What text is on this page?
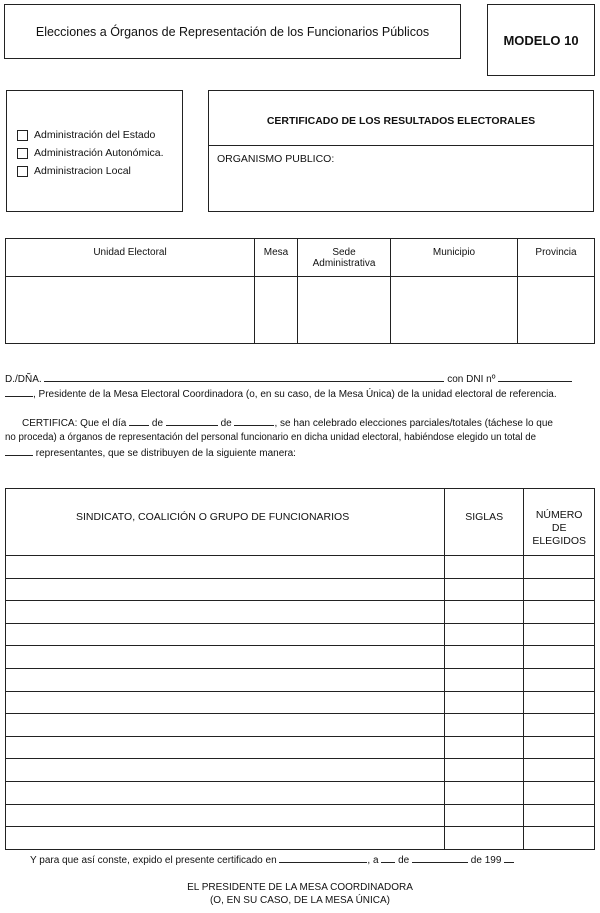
Elecciones a Órganos de Representación de los Funcionarios Públicos
MODELO 10
Administración del Estado
Administración Autonómica.
Administracion Local
CERTIFICADO DE LOS RESULTADOS ELECTORALES
ORGANISMO PUBLICO:
Unidad Electoral	Mesa	Sede Administrativa	Municipio	Provincia

D./DÑA.	con DNI nº
, Presidente de la Mesa Electoral Coordinadora (o, en su caso, de la Mesa Única) de la unidad electoral de referencia.
CERTIFICA: Que el día	de	de	, se han celebrado elecciones parciales/totales (táchese lo que
no proceda) a órganos de representación del personal funcionario en dicha unidad electoral, habiéndose elegido un total de
representantes, que se distribuyen de la siguiente manera:
SINDICATO, COALICIÓN O GRUPO DE FUNCIONARIOS	SIGLAS	NÚMERO DE ELEGIDOS

Y para que así conste, expido el presente certificado en	, a de	de 199
EL PRESIDENTE DE LA MESA COORDINADORA
(O, EN SU CASO, DE LA MESA ÚNICA)
